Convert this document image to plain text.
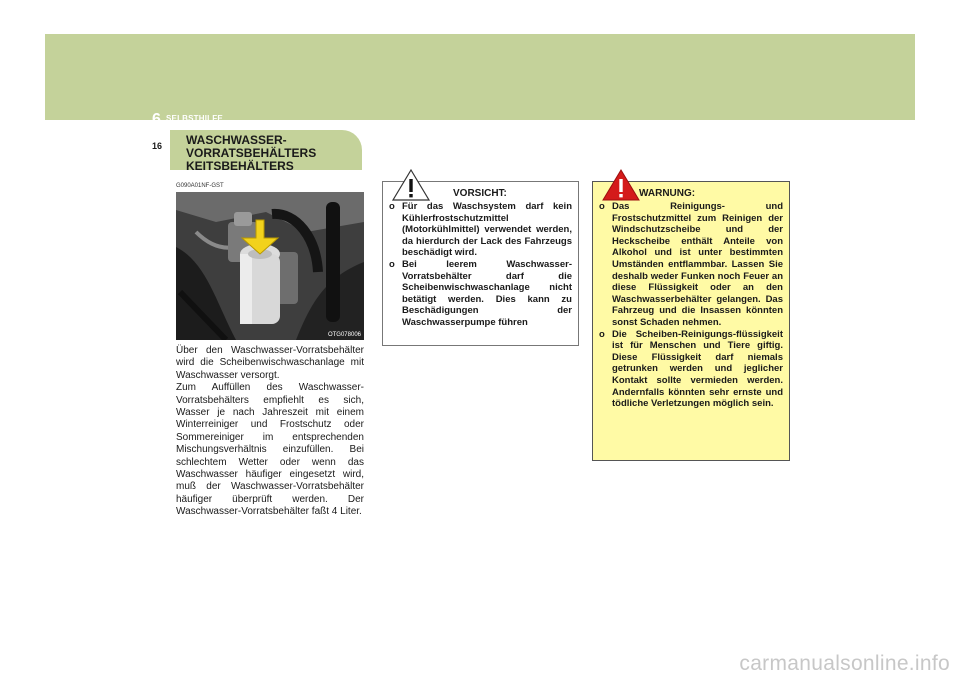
6 SELBSTHILFE
16 WASCHWASSER-
VORRATSBEHÄLTERS
KEITSBEHÄLTERS
G090A01NF-GST
OTG078006

Über den Waschwasser-Vorratsbehälter wird die Scheibenwischwaschanlage mit Waschwasser versorgt.

Zum Auffüllen des Waschwasser-Vorratsbehälters empfiehlt es sich, Wasser je nach Jahreszeit mit einem Winterreiniger und Frostschutz oder Sommereiniger im entsprechenden Mischungsverhältnis einzufüllen. Bei schlechtem Wetter oder wenn das Waschwasser häufiger eingesetzt wird, muß der Waschwasser-Vorratsbehälter häufiger überprüft werden. Der Waschwasser-Vorratsbehälter faßt 4 Liter.

VORSICHT:
o Für das Waschsystem darf kein Kühlerfrostschutzmittel (Motorkühlmittel) verwendet werden, da hierdurch der Lack des Fahrzeugs beschädigt wird.
o Bei leerem Waschwasser-Vorratsbehälter darf die Scheibenwischwaschanlage nicht betätigt werden. Dies kann zu Beschädigungen der Waschwasserpumpe führen
WARNUNG:
o Das Reinigungs- und Frostschutzmittel zum Reinigen der Windschutzscheibe und der Heckscheibe enthält Anteile von Alkohol und ist unter bestimmten Umständen entflammbar. Lassen Sie deshalb weder Funken noch Feuer an diese Flüssigkeit oder an den Waschwasserbehälter gelangen. Das Fahrzeug und die Insassen könnten sonst Schaden nehmen.
o Die Scheiben-Reinigungs-flüssigkeit ist für Menschen und Tiere giftig. Diese Flüssigkeit darf niemals getrunken werden und jeglicher Kontakt sollte vermieden werden. Andernfalls könnten sehr ernste und tödliche Verletzungen möglich sein.
carmanualsonline.info
